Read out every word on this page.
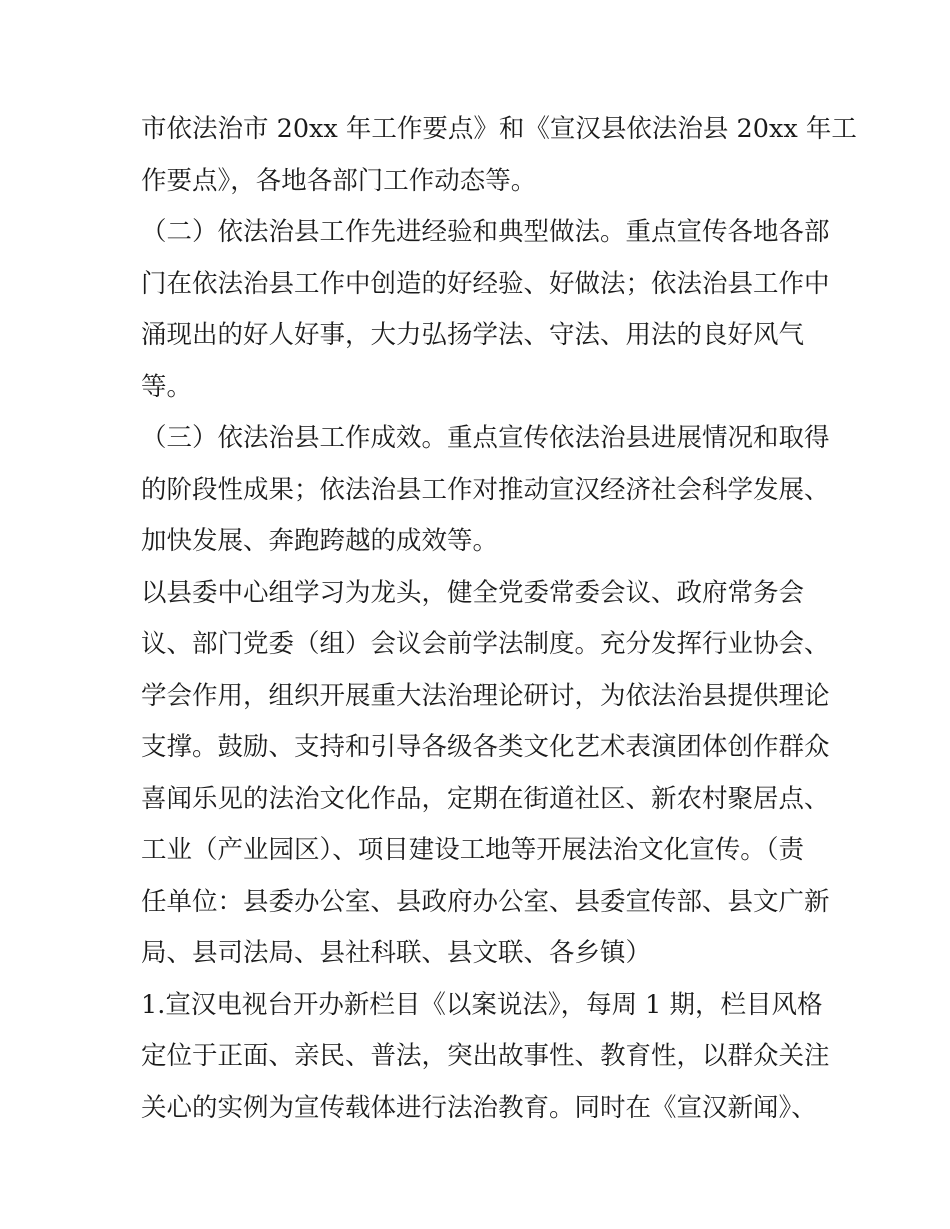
市依法治市 20xx 年工作要点》和《宣汉县依法治县 20xx 年工
作要点》，各地各部门工作动态等。

（二）依法治县工作先进经验和典型做法。重点宣传各地各部
门在依法治县工作中创造的好经验、好做法；依法治县工作中
涌现出的好人好事，大力弘扬学法、守法、用法的良好风气
等。

（三）依法治县工作成效。重点宣传依法治县进展情况和取得
的阶段性成果；依法治县工作对推动宣汉经济社会科学发展、
加快发展、奔跑跨越的成效等。

以县委中心组学习为龙头，健全党委常委会议、政府常务会
议、部门党委（组）会议会前学法制度。充分发挥行业协会、
学会作用，组织开展重大法治理论研讨，为依法治县提供理论
支撑。鼓励、支持和引导各级各类文化艺术表演团体创作群众
喜闻乐见的法治文化作品，定期在街道社区、新农村聚居点、
工业（产业园区）、项目建设工地等开展法治文化宣传。（责
任单位：县委办公室、县政府办公室、县委宣传部、县文广新
局、县司法局、县社科联、县文联、各乡镇）

1.宣汉电视台开办新栏目《以案说法》，每周 1 期，栏目风格
定位于正面、亲民、普法，突出故事性、教育性，以群众关注
关心的实例为宣传载体进行法治教育。同时在《宣汉新闻》、
